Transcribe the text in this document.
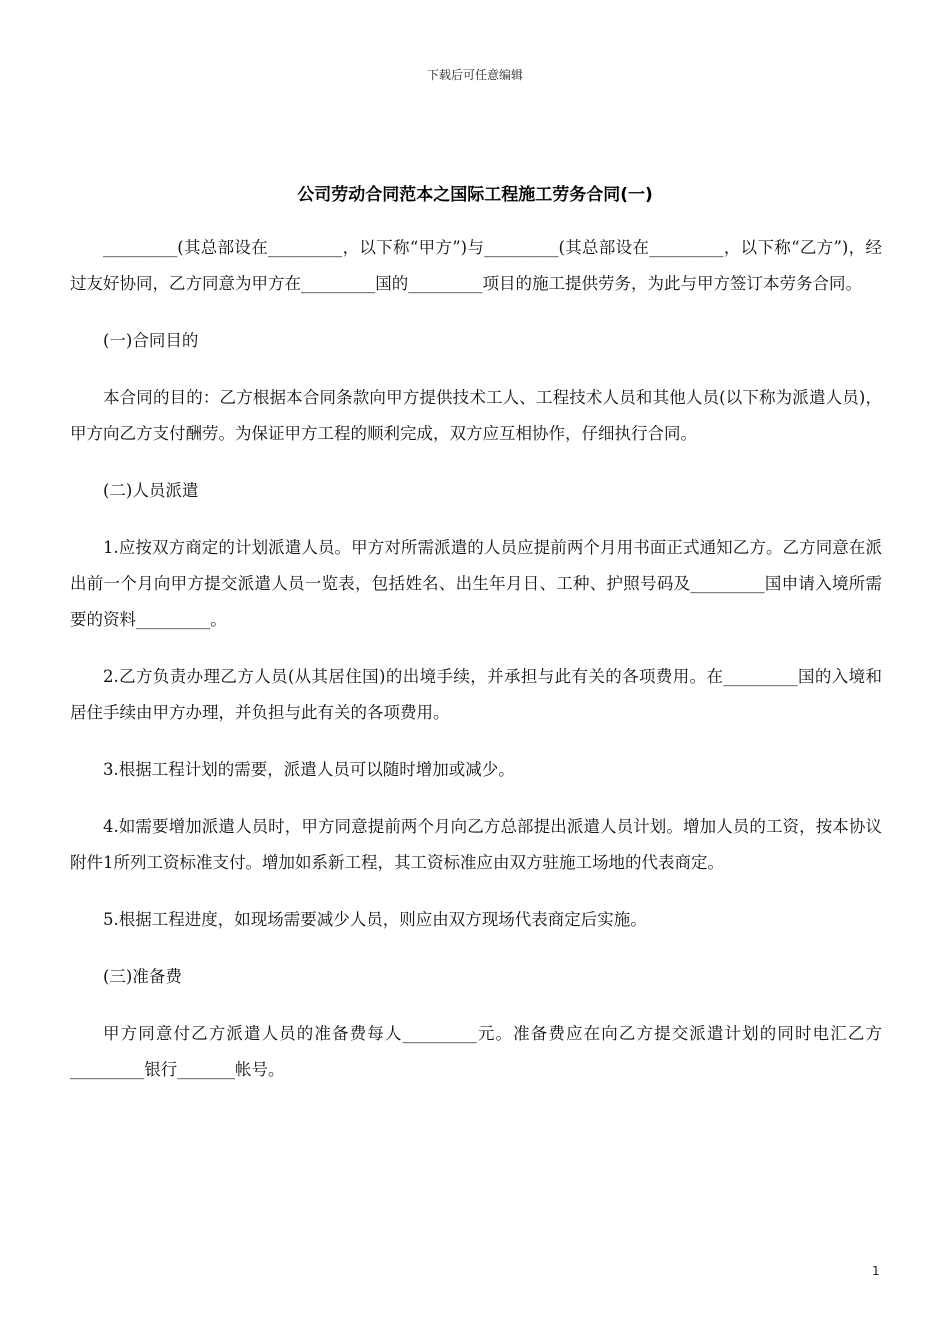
下载后可任意编辑
公司劳动合同范本之国际工程施工劳务合同(一)

_________(其总部设在_________，以下称“甲方”)与_________(其总部设在_________，以下称“乙方”)，经过友好协同，乙方同意为甲方在_________国的_________项目的施工提供劳务，为此与甲方签订本劳务合同。

(一)合同目的

本合同的目的：乙方根据本合同条款向甲方提供技术工人、工程技术人员和其他人员(以下称为派遣人员)，甲方向乙方支付酬劳。为保证甲方工程的顺利完成，双方应互相协作，仔细执行合同。

(二)人员派遣

1.应按双方商定的计划派遣人员。甲方对所需派遣的人员应提前两个月用书面正式通知乙方。乙方同意在派出前一个月向甲方提交派遣人员一览表，包括姓名、出生年月日、工种、护照号码及_________国申请入境所需要的资料_________。

2.乙方负责办理乙方人员(从其居住国)的出境手续，并承担与此有关的各项费用。在_________国的入境和居住手续由甲方办理，并负担与此有关的各项费用。

3.根据工程计划的需要，派遣人员可以随时增加或减少。

4.如需要增加派遣人员时，甲方同意提前两个月向乙方总部提出派遣人员计划。增加人员的工资，按本协议附件1所列工资标准支付。增加如系新工程，其工资标准应由双方驻施工场地的代表商定。

5.根据工程进度，如现场需要减少人员，则应由双方现场代表商定后实施。

(三)准备费

甲方同意付乙方派遣人员的准备费每人_________元。准备费应在向乙方提交派遣计划的同时电汇乙方 _________银行_______帐号。

1
